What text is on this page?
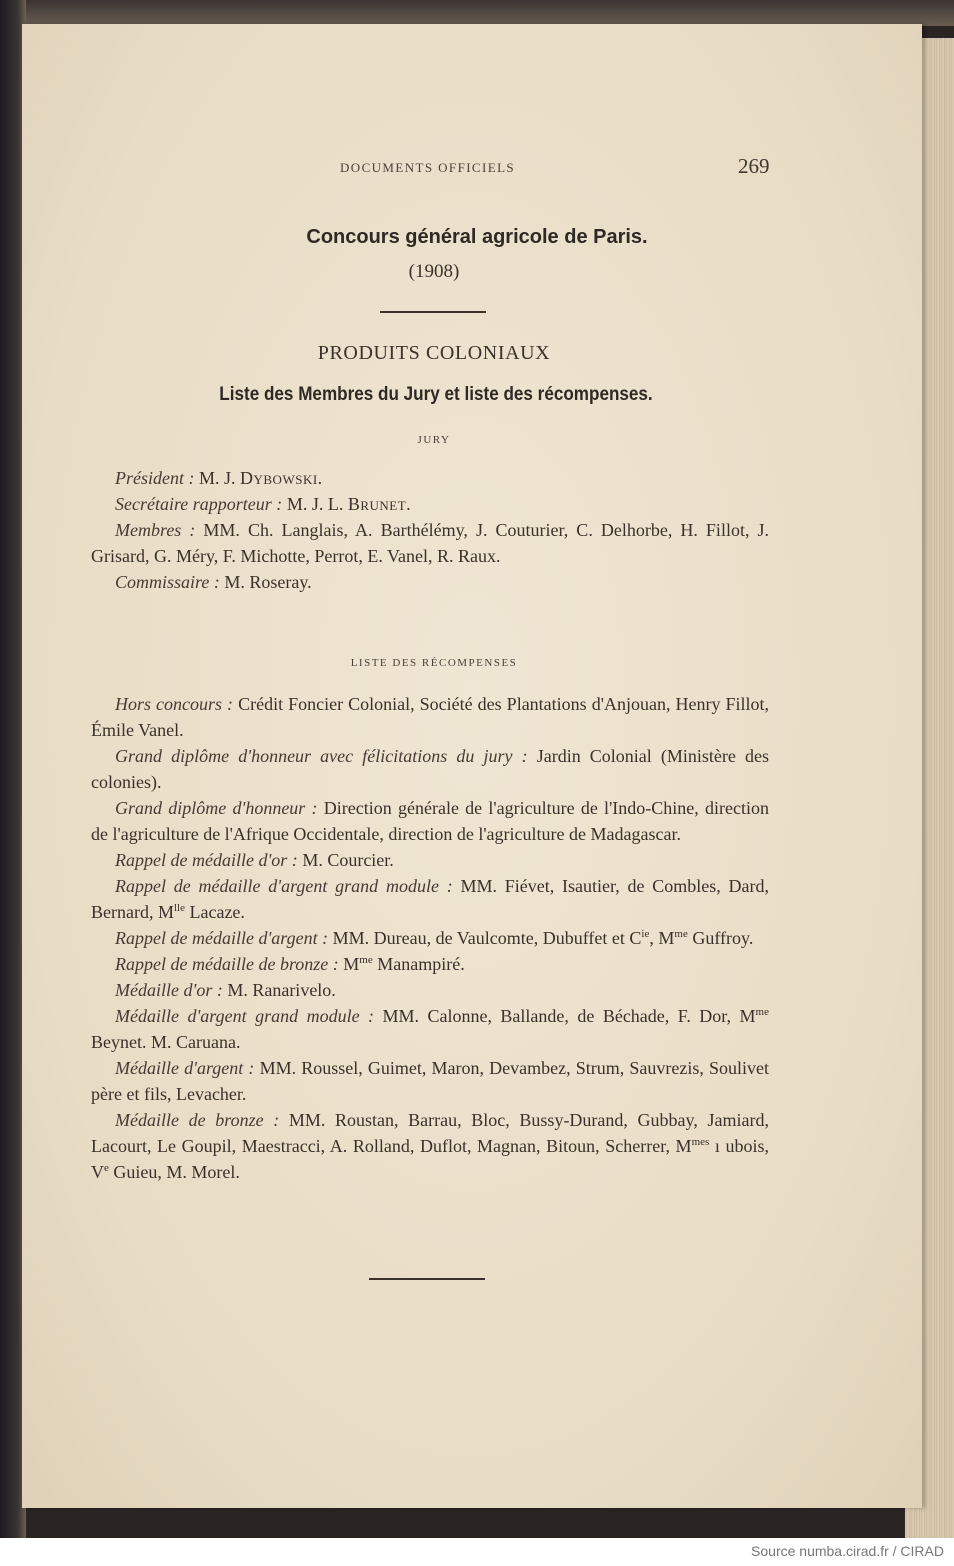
DOCUMENTS OFFICIELS	269
Concours général agricole de Paris.
(1908)
PRODUITS COLONIAUX
Liste des Membres du Jury et liste des récompenses.
JURY

Président : M. J. Dybowski.

Secrétaire rapporteur : M. J. L. Brunet.

Membres : MM. Ch. Langlais, A. Barthélémy, J. Couturier, C. Delhorbe, H. Fillot, J. Grisard, G. Méry, F. Michotte, Perrot, E. Vanel, R. Raux.

Commissaire : M. Roseray.

LISTE DES RÉCOMPENSES

Hors concours : Crédit Foncier Colonial, Société des Plantations d'Anjouan, Henry Fillot, Émile Vanel.

Grand diplôme d'honneur avec félicitations du jury : Jardin Colonial (Ministère des colonies).

Grand diplôme d'honneur : Direction générale de l'agriculture de l'Indo-Chine, direction de l'agriculture de l'Afrique Occidentale, direction de l'agriculture de Madagascar.

Rappel de médaille d'or : M. Courcier.

Rappel de médaille d'argent grand module : MM. Fiévet, Isautier, de Combles, Dard, Bernard, $M^{lle}$ Lacaze.

Rappel de médaille d'argent : MM. Dureau, de Vaulcomte, Dubuffet et $C^{ie}$, $M^{me}$ Guffroy.

Rappel de médaille de bronze : $M^{me}$ Manampiré.

Médaille d'or : M. Ranarivelo.

Médaille d'argent grand module : MM. Calonne, Ballande, de Béchade, F. Dor, $M^{me}$ Beynet. M. Caruana.

Médaille d'argent : MM. Roussel, Guimet, Maron, Devambez, Strum, Sauvrezis, Soulivet père et fils, Levacher.

Médaille de bronze : MM. Roustan, Barrau, Bloc, Bussy-Durand, Gubbay, Jamiard, Lacourt, Le Goupil, Maestracci, A. Rolland, Duflot, Magnan, Bitoun, Scherrer, $M^{mes}$ ı ubois, Ve Guieu, M. Morel.

Source numba.cirad.fr / CIRAD
